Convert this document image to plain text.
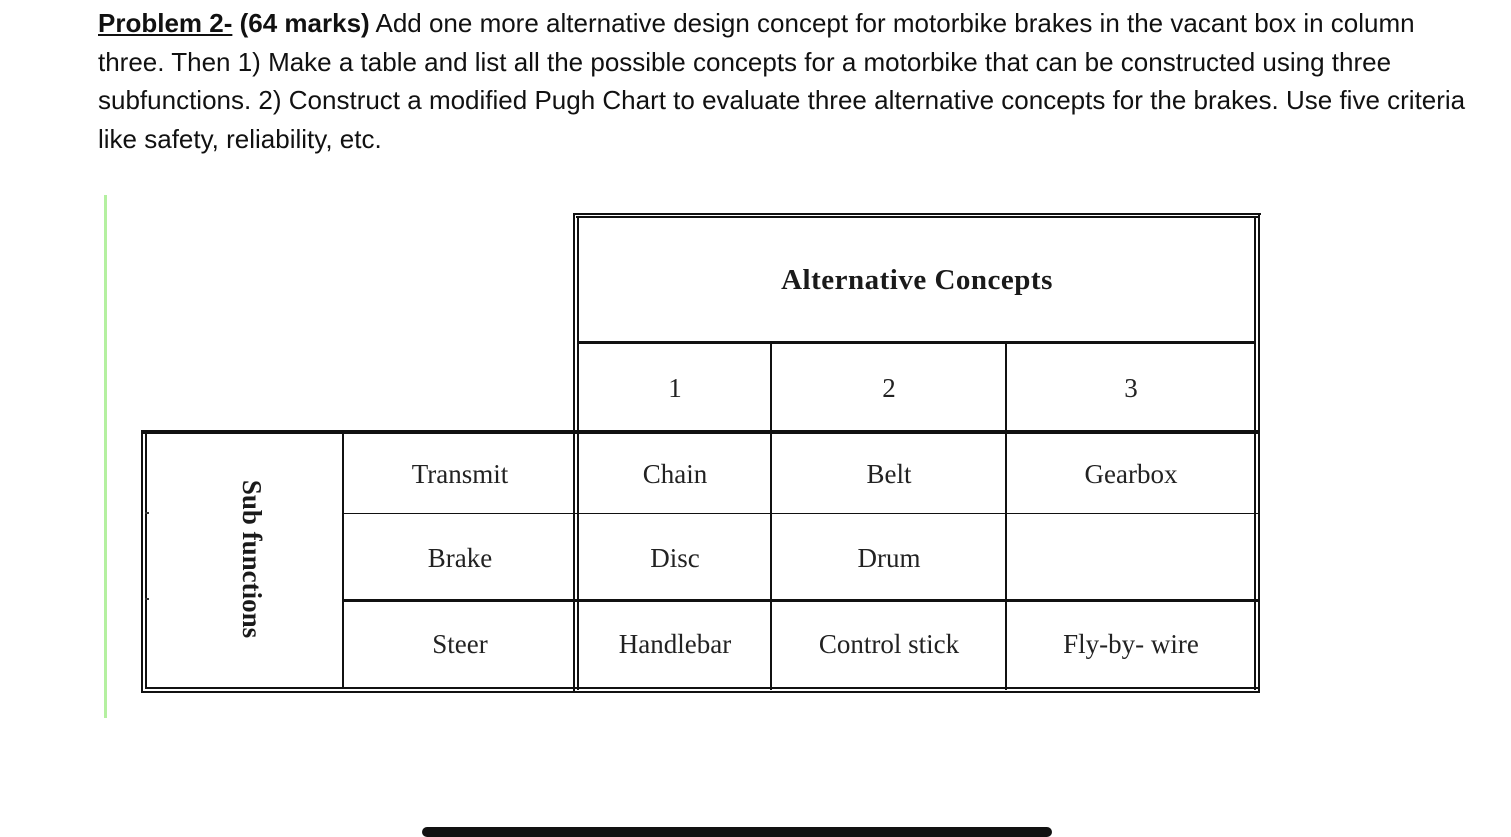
Problem 2- (64 marks) Add one more alternative design concept for motorbike brakes in the vacant box in column three. Then 1) Make a table and list all the possible concepts for a motorbike that can be constructed using three subfunctions. 2) Construct a modified Pugh Chart to evaluate three alternative concepts for the brakes. Use five criteria like safety, reliability, etc.
Alternative Concepts
1	2	3
Sub functions
Transmit	Chain	Belt	Gearbox
Brake	Disc	Drum
Steer	Handlebar	Control stick	Fly-by- wire
